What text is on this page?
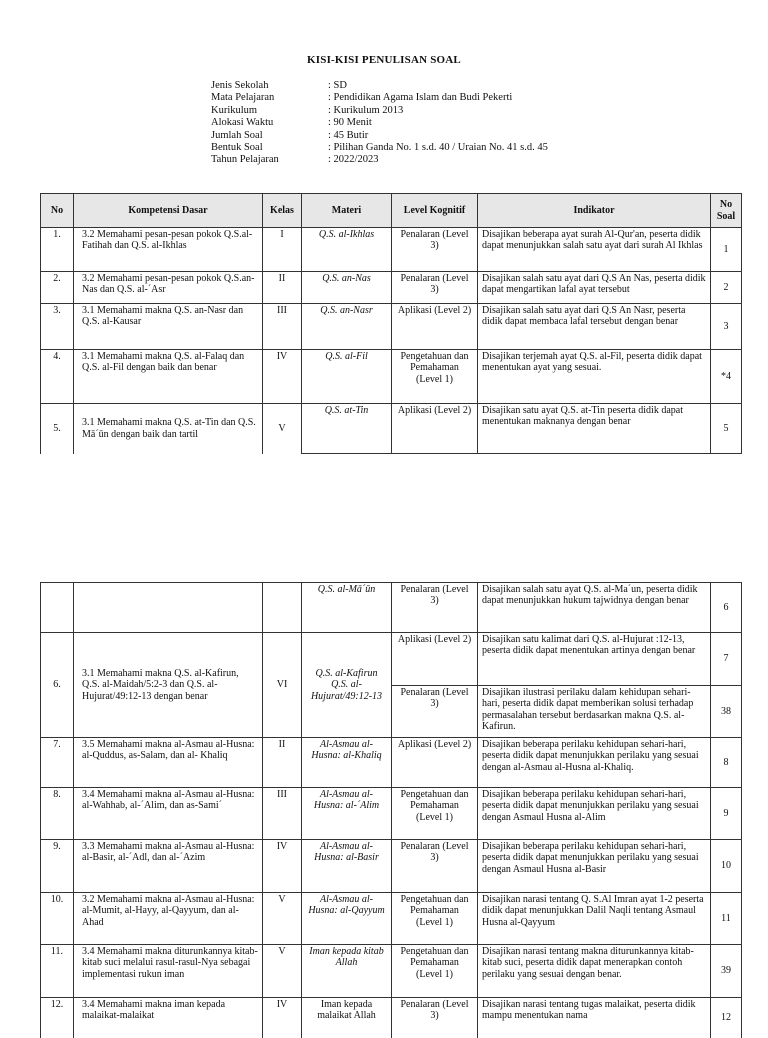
KISI-KISI PENULISAN SOAL
Jenis Sekolah	: SD
Mata Pelajaran	: Pendidikan Agama Islam dan Budi Pekerti
Kurikulum	: Kurikulum 2013
Alokasi Waktu	: 90 Menit
Jumlah Soal	: 45 Butir
Bentuk Soal	: Pilihan Ganda No. 1 s.d. 40 / Uraian No. 41 s.d. 45
Tahun Pelajaran	: 2022/2023
No	Kompetensi Dasar	Kelas	Materi	Level Kognitif	Indikator	No Soal
1.	3.2 Memahami pesan-pesan pokok Q.S.al-Fatihah dan Q.S. al-Ikhlas	I	Q.S. al-Ikhlas	Penalaran (Level 3)	Disajikan beberapa ayat surah Al-Qur'an, peserta didik dapat menunjukkan salah satu ayat dari surah Al Ikhlas	1
2.	3.2 Memahami pesan-pesan pokok Q.S.an-Nas dan Q.S. al-´Asr	II	Q.S. an-Nas	Penalaran (Level 3)	Disajikan salah satu ayat dari Q.S An Nas, peserta didik dapat mengartikan lafal ayat tersebut	2
3.	3.1 Memahami makna Q.S. an-Nasr dan Q.S. al-Kausar	III	Q.S. an-Nasr	Aplikasi (Level 2)	Disajikan salah satu ayat dari Q.S An Nasr, peserta didik dapat membaca lafal tersebut dengan benar	3
4.	3.1 Memahami makna Q.S. al-Falaq dan Q.S. al-Fil dengan baik dan benar	IV	Q.S. al-Fil	Pengetahuan dan Pemahaman (Level 1)	Disajikan terjemah ayat Q.S. al-Fil, peserta didik dapat menentukan ayat yang sesuai.	*4
5.	3.1 Memahami makna Q.S. at-Tin dan Q.S. Mā´ūn dengan baik dan tartil	V	Q.S. at-Tin	Aplikasi (Level 2)	Disajikan satu ayat Q.S. at-Tin peserta didik dapat menentukan maknanya dengan benar	5
			Q.S. al-Mā´ūn	Penalaran (Level 3)	Disajikan salah satu ayat Q.S. al-Ma´un, peserta didik dapat menunjukkan hukum tajwidnya dengan benar	6
6.	3.1 Memahami makna Q.S. al-Kafirun, Q.S. al-Maidah/5:2-3 dan Q.S. al- Hujurat/49:12-13 dengan benar	VI	Q.S. al-Kafirun Q.S. al-Hujurat/49:12-13	Aplikasi (Level 2)	Disajikan satu kalimat dari Q.S. al-Hujurat :12-13, peserta didik dapat menentukan artinya dengan benar	7
				Penalaran (Level 3)	Disajikan ilustrasi perilaku dalam kehidupan sehari-hari, peserta didik dapat memberikan solusi terhadap permasalahan tersebut berdasarkan makna Q.S. al-Kafirun.	38
7.	3.5 Memahami makna al-Asmau al-Husna: al-Quddus, as-Salam, dan al- Khaliq	II	Al-Asmau al-Husna: al-Khaliq	Aplikasi (Level 2)	Disajikan beberapa perilaku kehidupan sehari-hari, peserta didik dapat menunjukkan perilaku yang sesuai dengan al-Asmau al-Husna al-Khaliq.	8
8.	3.4 Memahami makna al-Asmau al-Husna: al-Wahhab, al-´Alim, dan as-Sami´	III	Al-Asmau al-Husna: al-´Alim	Pengetahuan dan Pemahaman (Level 1)	Disajikan beberapa perilaku kehidupan sehari-hari, peserta didik dapat menunjukkan perilaku yang sesuai dengan Asmaul Husna al-Alim	9
9.	3.3 Memahami makna al-Asmau al-Husna: al-Basir, al-´Adl, dan al-´Azim	IV	Al-Asmau al-Husna: al-Basir	Penalaran (Level 3)	Disajikan beberapa perilaku kehidupan sehari-hari, peserta didik dapat menunjukkan perilaku yang sesuai dengan Asmaul Husna al-Basir	10
10.	3.2 Memahami makna al-Asmau al-Husna: al-Mumit, al-Hayy, al-Qayyum, dan al-Ahad	V	Al-Asmau al-Husna: al-Qayyum	Pengetahuan dan Pemahaman (Level 1)	Disajikan narasi tentang Q. S.Al Imran ayat 1-2 peserta didik dapat menunjukkan Dalil Naqli tentang Asmaul Husna al-Qayyum	11
11.	3.4 Memahami makna diturunkannya kitab-kitab suci melalui rasul-rasul-Nya sebagai implementasi rukun iman	V	Iman kepada kitab Allah	Pengetahuan dan Pemahaman (Level 1)	Disajikan narasi tentang makna diturunkannya kitab-kitab suci, peserta didik dapat menerapkan contoh perilaku yang sesuai dengan benar.	39
12.	3.4 Memahami makna iman kepada malaikat-malaikat	IV	Iman kepada malaikat Allah	Penalaran (Level 3)	Disajikan narasi tentang tugas malaikat, peserta didik mampu menentukan nama	12
